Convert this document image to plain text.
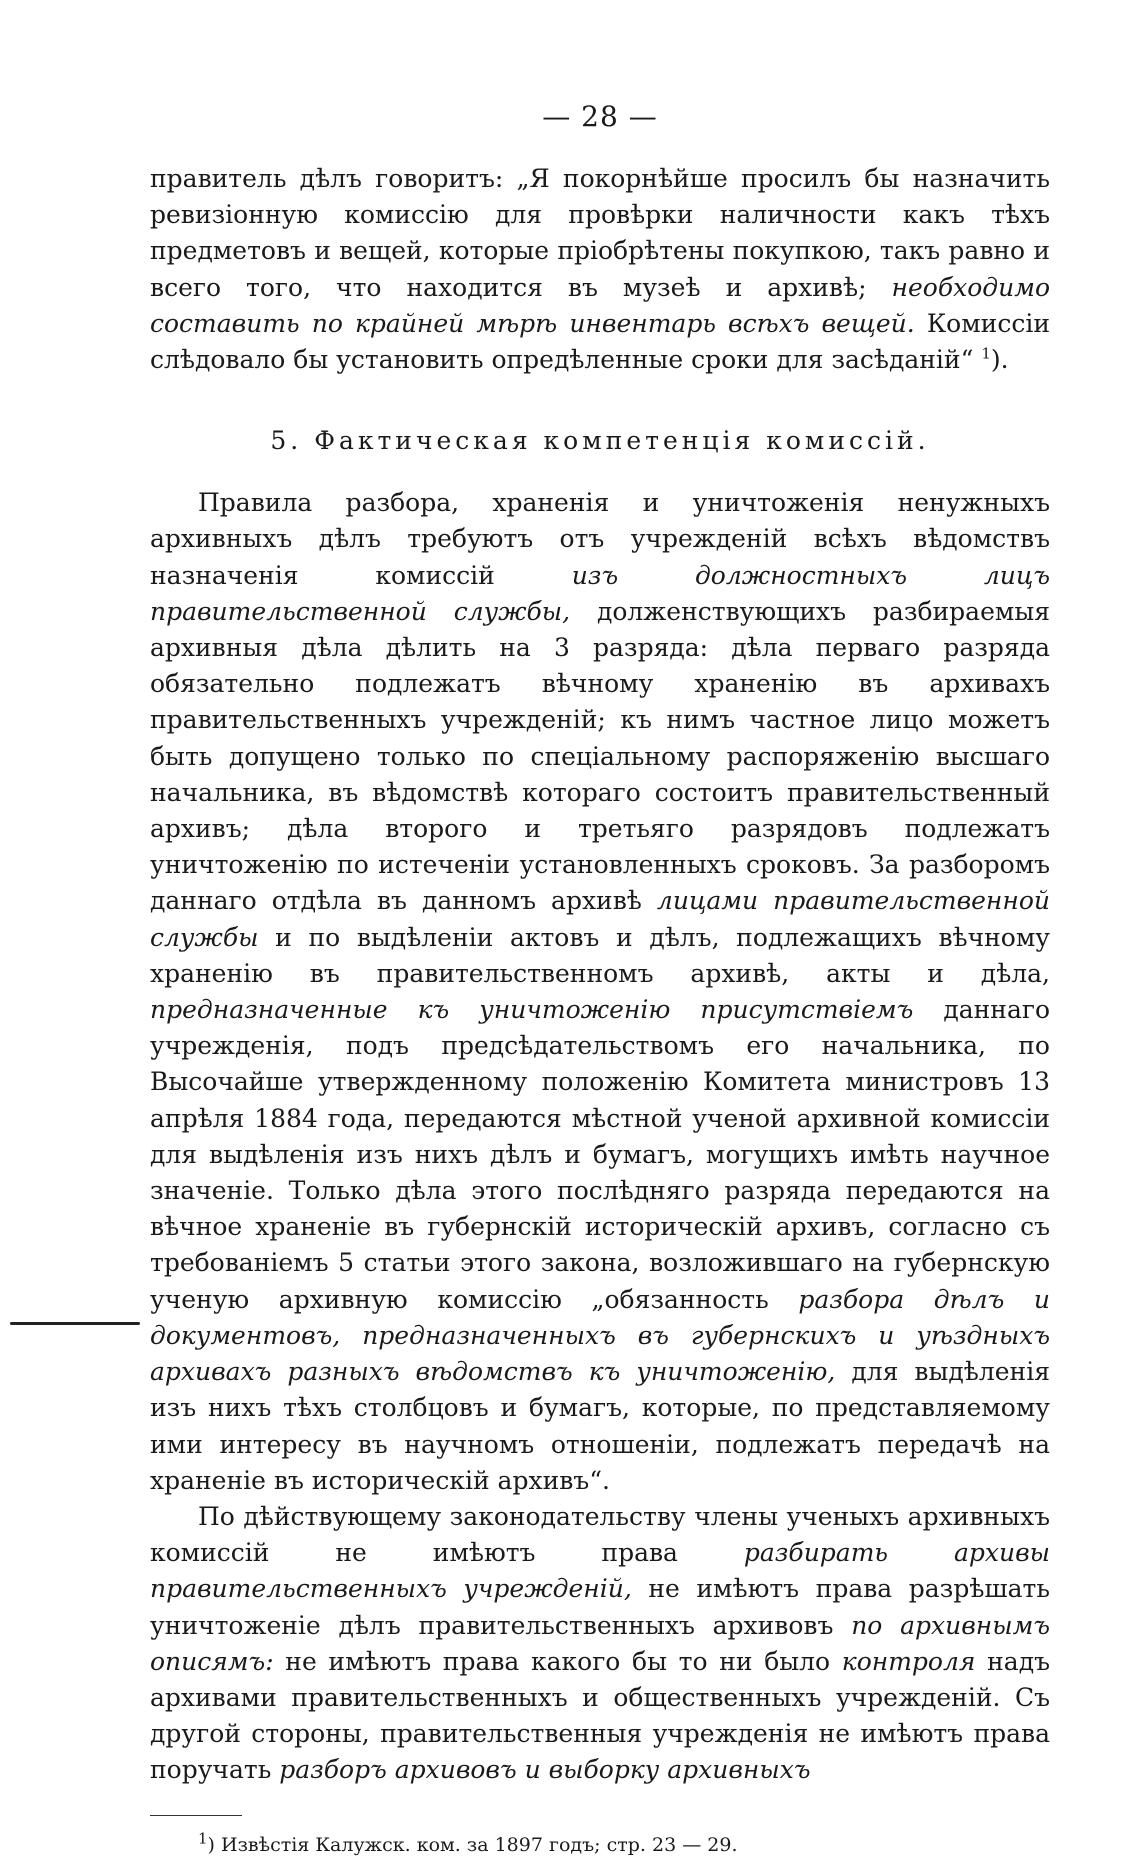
— 28 —

правитель дѣлъ говоритъ: „Я покорнѣйше просилъ бы назначить ревизіонную комиссію для провѣрки наличности какъ тѣхъ предметовъ и вещей, которые пріобрѣтены покупкою, такъ равно и всего того, что находится въ музеѣ и архивѣ; необходимо составить по крайней мѣрѣ инвентарь всѣхъ вещей. Комиссіи слѣдовало бы установить опредѣленные сроки для засѣданій“ $^1$).

5. Фактическая компетенція комиссій.

Правила разбора, храненія и уничтоженія ненужныхъ архивныхъ дѣлъ требуютъ отъ учрежденій всѣхъ вѣдомствъ назначенія комиссій изъ должностныхъ лицъ правительственной службы, долженствующихъ разбираемыя архивныя дѣла дѣлить на 3 разряда: дѣла перваго разряда обязательно подлежатъ вѣчному храненію въ архивахъ правительственныхъ учрежденій; къ нимъ частное лицо можетъ быть допущено только по спеціальному распоряженію высшаго начальника, въ вѣдомствѣ котораго состоитъ правительственный архивъ; дѣла второго и третьяго разрядовъ подлежатъ уничтоженію по истеченіи установленныхъ сроковъ. За разборомъ даннаго отдѣла въ данномъ архивѣ лицами правительственной службы и по выдѣленіи актовъ и дѣлъ, подлежащихъ вѣчному храненію въ правительственномъ архивѣ, акты и дѣла, предназначенные къ уничтоженію присутствіемъ даннаго учрежденія, подъ предсѣдательствомъ его начальника, по Высочайше утвержденному положенію Комитета министровъ 13 апрѣля 1884 года, передаются мѣстной ученой архивной комиссіи для выдѣленія изъ нихъ дѣлъ и бумагъ, могущихъ имѣть научное значеніе. Только дѣла этого послѣдняго разряда передаются на вѣчное храненіе въ губернскій историческій архивъ, согласно съ требованіемъ 5 статьи этого закона, возложившаго на губернскую ученую архивную комиссію „обязанность разбора дѣлъ и документовъ, предназначенныхъ въ губернскихъ и уѣздныхъ архивахъ разныхъ вѣдомствъ къ уничтоженію, для выдѣленія изъ нихъ тѣхъ столбцовъ и бумагъ, которые, по представляемому ими интересу въ научномъ отношеніи, подлежатъ передачѣ на храненіе въ историческій архивъ“.

По дѣйствующему законодательству члены ученыхъ архивныхъ комиссій не имѣютъ права разбирать архивы правительственныхъ учрежденій, не имѣютъ права разрѣшать уничтоженіе дѣлъ правительственныхъ архивовъ по архивнымъ описямъ: не имѣютъ права какого бы то ни было контроля надъ архивами правительственныхъ и общественныхъ учрежденій. Съ другой стороны, правительственныя учрежденія не имѣютъ права поручать разборъ архивовъ и выборку архивныхъ

$^1$) Извѣстія Калужск. ком. за 1897 годъ; стр. 23 — 29.
